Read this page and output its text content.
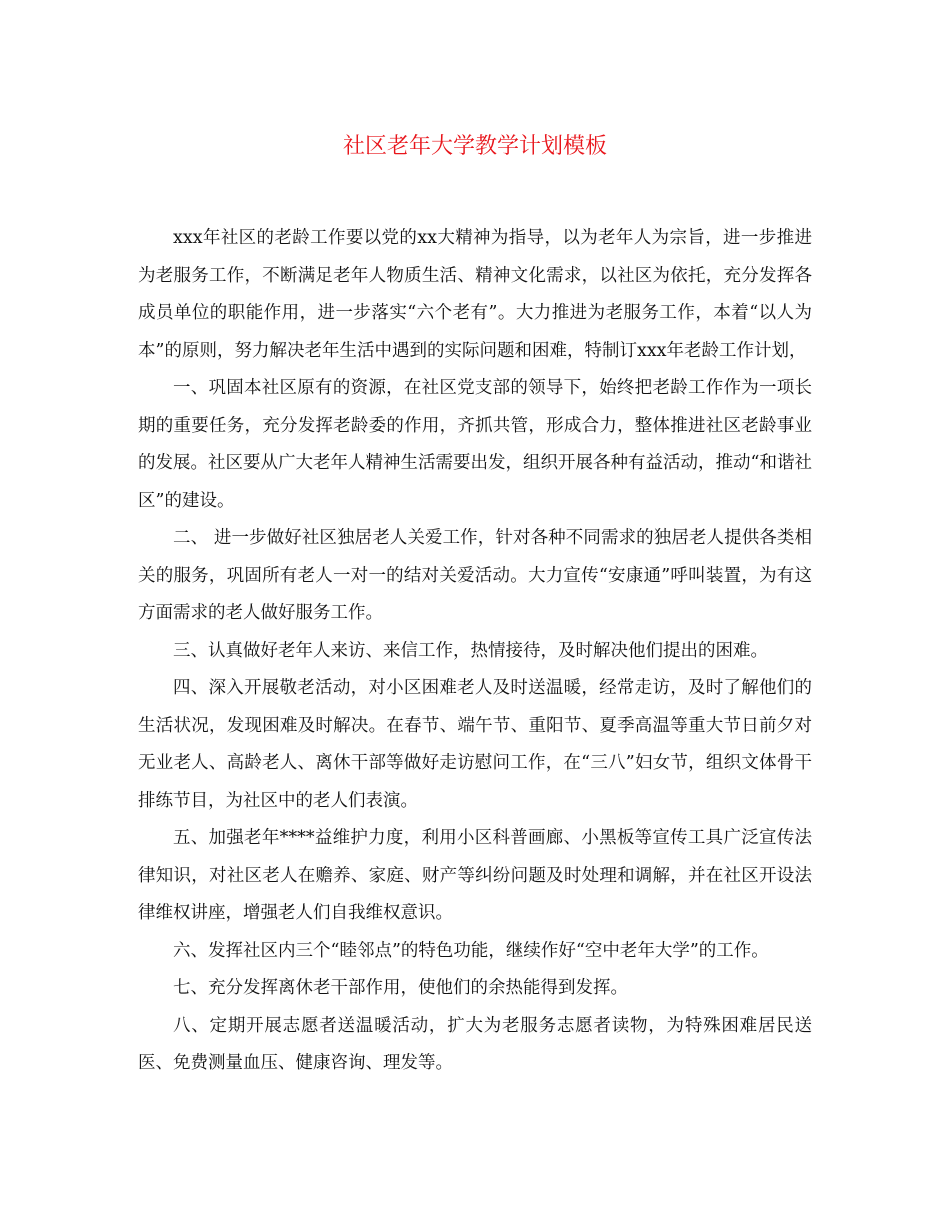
社区老年大学教学计划模板

xxx年社区的老龄工作要以党的xx大精神为指导，以为老年人为宗旨，进一步推进为老服务工作，不断满足老年人物质生活、精神文化需求，以社区为依托，充分发挥各成员单位的职能作用，进一步落实“六个老有”。大力推进为老服务工作，本着“以人为本”的原则，努力解决老年生活中遇到的实际问题和困难，特制订xxx年老龄工作计划，

一、巩固本社区原有的资源，在社区党支部的领导下，始终把老龄工作作为一项长期的重要任务，充分发挥老龄委的作用，齐抓共管，形成合力，整体推进社区老龄事业的发展。社区要从广大老年人精神生活需要出发，组织开展各种有益活动，推动“和谐社区”的建设。

二、 进一步做好社区独居老人关爱工作，针对各种不同需求的独居老人提供各类相关的服务，巩固所有老人一对一的结对关爱活动。大力宣传“安康通”呼叫装置，为有这方面需求的老人做好服务工作。

三、认真做好老年人来访、来信工作，热情接待，及时解决他们提出的困难。

四、深入开展敬老活动，对小区困难老人及时送温暖，经常走访，及时了解他们的生活状况，发现困难及时解决。在春节、端午节、重阳节、夏季高温等重大节日前夕对无业老人、高龄老人、离休干部等做好走访慰问工作，在“三八”妇女节，组织文体骨干排练节目，为社区中的老人们表演。

五、加强老年****益维护力度，利用小区科普画廊、小黑板等宣传工具广泛宣传法律知识，对社区老人在赡养、家庭、财产等纠纷问题及时处理和调解，并在社区开设法律维权讲座，增强老人们自我维权意识。

六、发挥社区内三个“睦邻点”的特色功能，继续作好“空中老年大学”的工作。

七、充分发挥离休老干部作用，使他们的余热能得到发挥。

八、定期开展志愿者送温暖活动，扩大为老服务志愿者读物，为特殊困难居民送医、免费测量血压、健康咨询、理发等。
